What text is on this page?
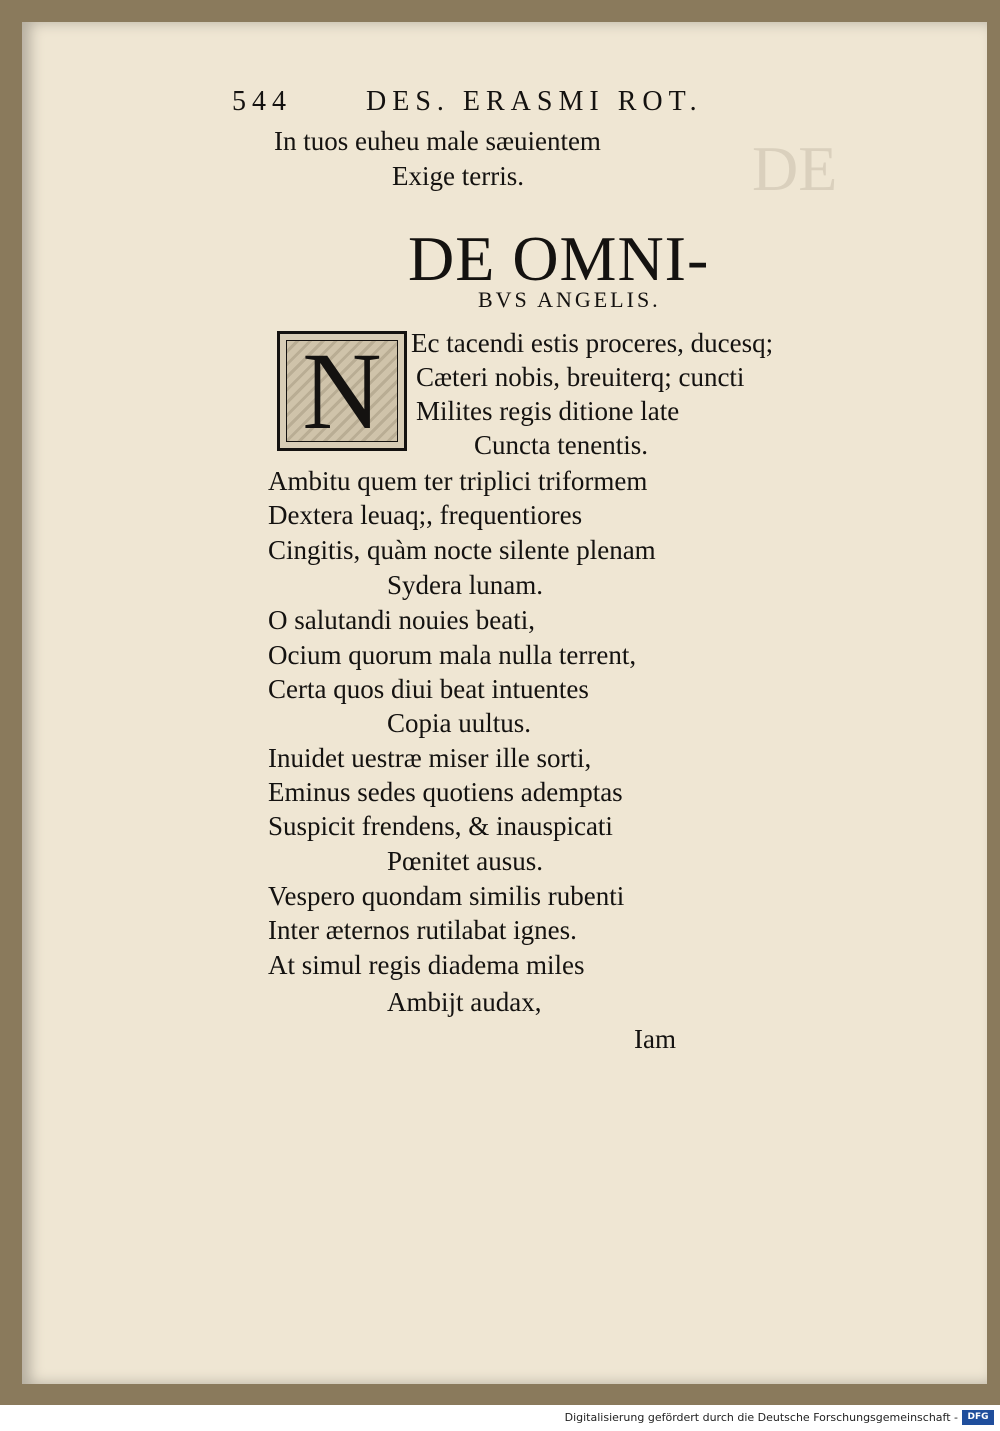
DE
544	DES. ERASMI ROT.
In tuos euheu male sæuientem
Exige terris.
DE OMNI-
BVS ANGELIS.
N	Ec tacendi estis proceres, ducesq;
Cæteri nobis, breuiterq; cuncti
Milites regis ditione late
Cuncta tenentis.
Ambitu quem ter triplici triformem
Dextera leuaq;, frequentiores
Cingitis, quàm nocte silente plenam
Sydera lunam.
O salutandi nouies beati,
Ocium quorum mala nulla terrent,
Certa quos diui beat intuentes
Copia uultus.
Inuidet uestræ miser ille sorti,
Eminus sedes quotiens ademptas
Suspicit frendens, & inauspicati
Pœnitet ausus.
Vespero quondam similis rubenti
Inter æternos rutilabat ignes.
At simul regis diadema miles
Ambijt audax,
Iam
Digitalisierung gefördert durch die Deutsche Forschungsgemeinschaft -	DFG
